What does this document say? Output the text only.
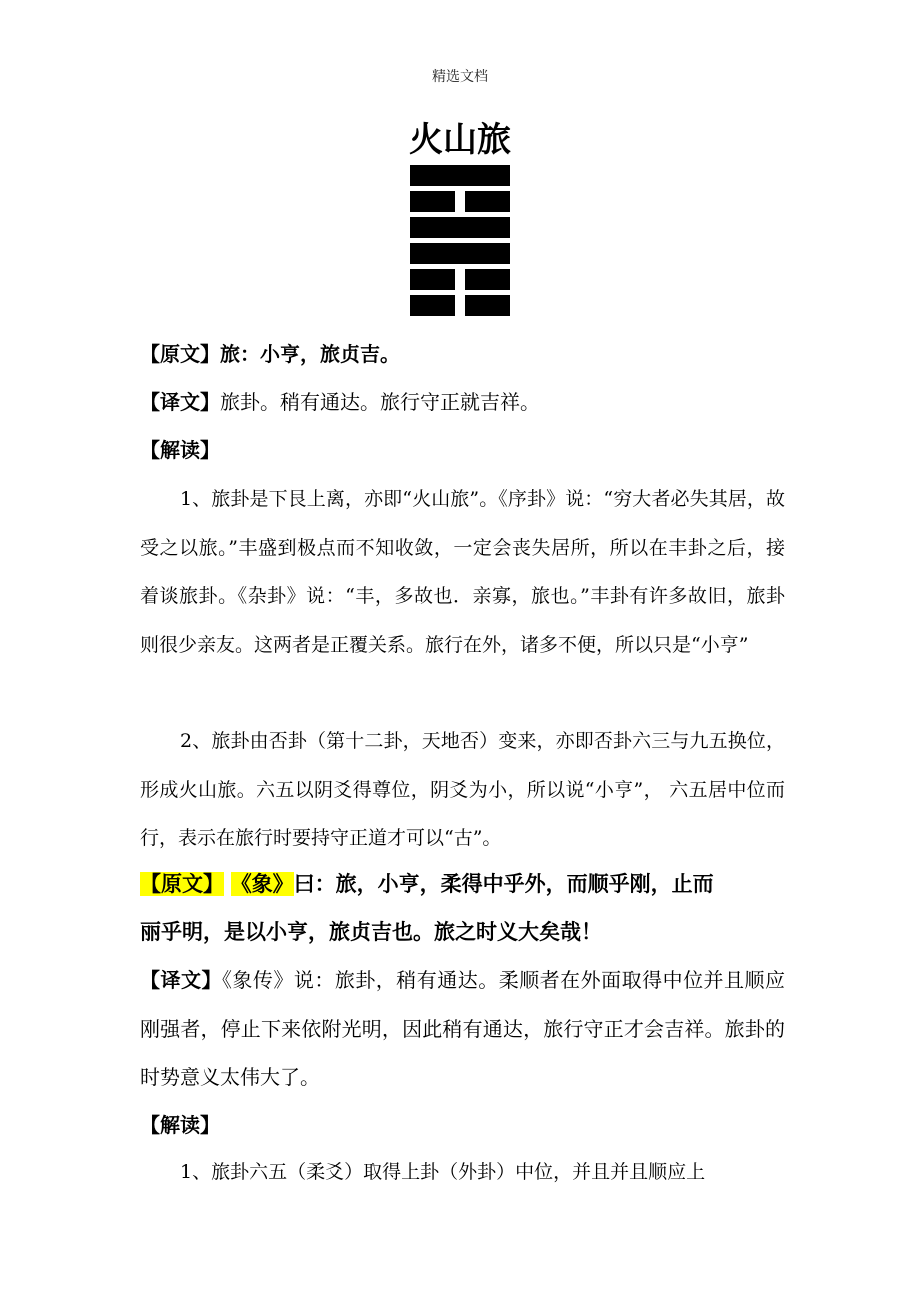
精选文档
火山旅
【原文】旅：小亨，旅贞吉。
【译文】旅卦。稍有通达。旅行守正就吉祥。
【解读】
1、旅卦是下艮上离，亦即“火山旅”。《序卦》说：“穷大者必失其居，故受之以旅。”丰盛到极点而不知收敛，一定会丧失居所，所以在丰卦之后，接着谈旅卦。《杂卦》说：“丰，多故也．亲寡，旅也。”丰卦有许多故旧，旅卦则很少亲友。这两者是正覆关系。旅行在外，诸多不便，所以只是“小亨”
2、旅卦由否卦（第十二卦，天地否）变来，亦即否卦六三与九五换位，形成火山旅。六五以阴爻得尊位，阴爻为小，所以说“小亨”， 六五居中位而行，表示在旅行时要持守正道才可以“古”。
【原文】 《象》曰：旅，小亨，柔得中乎外，而顺乎刚，止而
丽乎明，是以小亨，旅贞吉也。旅之时义大矣哉！
【译文】《象传》说：旅卦，稍有通达。柔顺者在外面取得中位并且顺应刚强者，停止下来依附光明，因此稍有通达，旅行守正才会吉祥。旅卦的时势意义太伟大了。
【解读】
1、旅卦六五（柔爻）取得上卦（外卦）中位，并且并且顺应上
